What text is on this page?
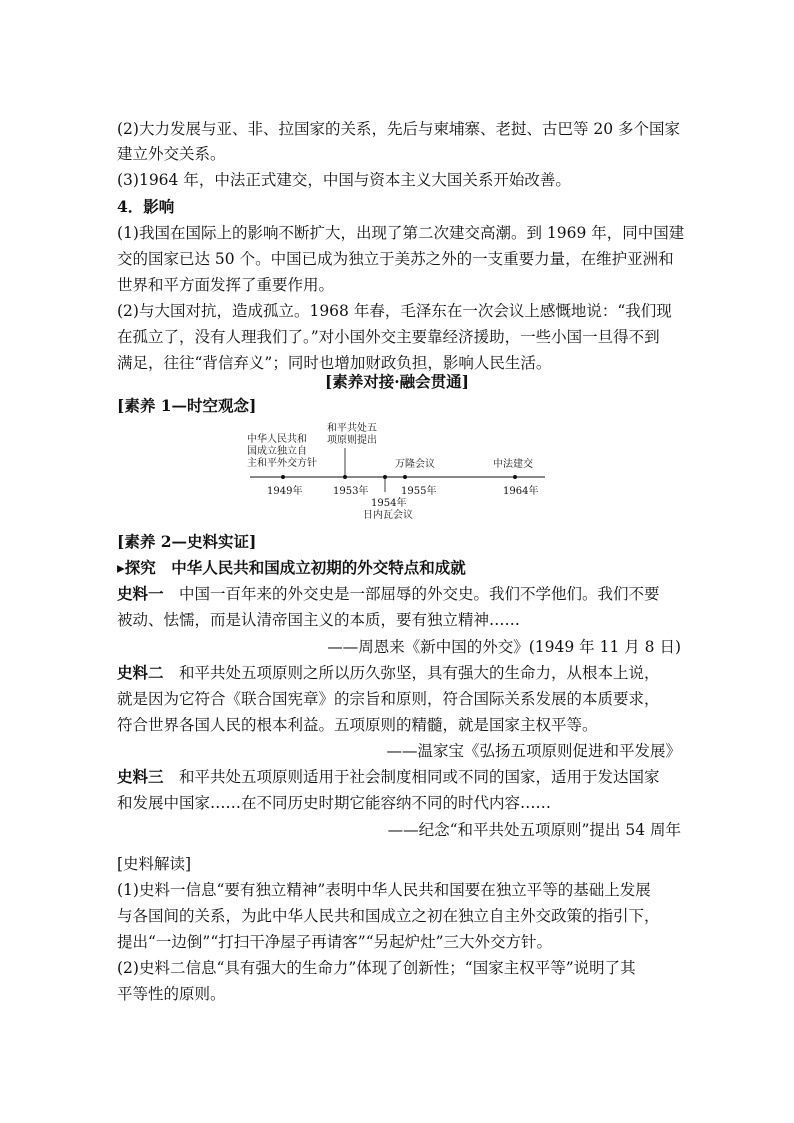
(2)大力发展与亚、非、拉国家的关系，先后与柬埔寨、老挝、古巴等 20 多个国家
建立外交关系。
(3)1964 年，中法正式建交，中国与资本主义大国关系开始改善。
4．影响
(1)我国在国际上的影响不断扩大，出现了第二次建交高潮。到 1969 年，同中国建
交的国家已达 50 个。中国已成为独立于美苏之外的一支重要力量，在维护亚洲和
世界和平方面发挥了重要作用。
(2)与大国对抗，造成孤立。1968 年春，毛泽东在一次会议上感慨地说：“我们现
在孤立了，没有人理我们了。”对小国外交主要靠经济援助，一些小国一旦得不到
满足，往往“背信弃义”；同时也增加财政负担，影响人民生活。
[素养对接·融会贯通]
[素养 1—时空观念]
中华人民共和
国成立独立自
主和平外交方针
1949年
和平共处五
项原则提出
1953年
1954年
日内瓦会议
万隆会议
1955年
中法建交
1964年
[素养 2—史料实证]
▸探究　 中华人民共和国成立初期的外交特点和成就
史料一　 中国一百年来的外交史是一部屈辱的外交史。我们不学他们。我们不要
被动、怯懦，而是认清帝国主义的本质，要有独立精神……
——周恩来《新中国的外交》(1949 年 11 月 8 日)
史料二　 和平共处五项原则之所以历久弥坚，具有强大的生命力，从根本上说，
就是因为它符合《联合国宪章》的宗旨和原则，符合国际关系发展的本质要求，
符合世界各国人民的根本利益。五项原则的精髓，就是国家主权平等。
——温家宝《弘扬五项原则促进和平发展》
史料三　 和平共处五项原则适用于社会制度相同或不同的国家，适用于发达国家
和发展中国家……在不同历史时期它能容纳不同的时代内容……
——纪念“和平共处五项原则”提出 54 周年
[史料解读]
(1)史料一信息“要有独立精神”表明中华人民共和国要在独立平等的基础上发展
与各国间的关系，为此中华人民共和国成立之初在独立自主外交政策的指引下，
提出“一边倒”“打扫干净屋子再请客”“另起炉灶”三大外交方针。
(2)史料二信息“具有强大的生命力”体现了创新性；“国家主权平等”说明了其
平等性的原则。
